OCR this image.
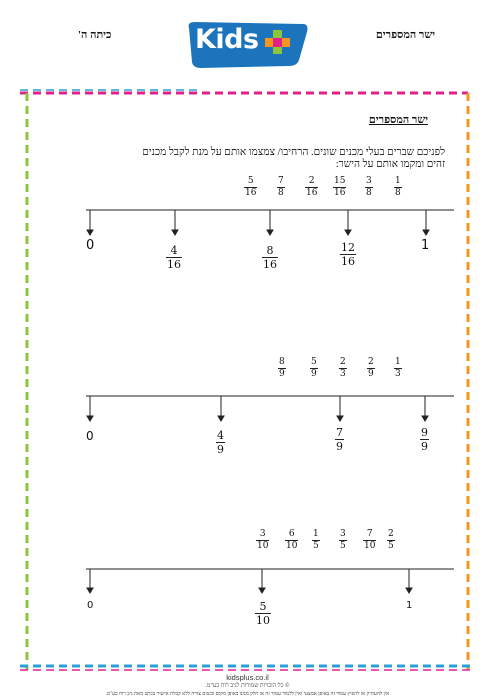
ישר המספרים
כיתה ה'	Kids
ניב רוח
ישר המספרים
לפניכם שברים בעלי מכנים שונים. הרחיבו/ צמצמו אותם על מנת לקבל מכנים
זהים ומקמו אותם על הישר:
$\frac{5}{16} \frac{7}{8} \frac{2}{16} \frac{15}{16} \frac{3}{8} \frac{1}{8}$
0	1
$\frac{4}{16}$	$\frac{8}{16}$	$\frac{12}{16}$
$\frac{8}{9}$	$\frac{5}{9} \frac{2}{3} \frac{2}{9} \frac{1}{3}$
0	$\frac{4}{9}$	$\frac{7}{9}$	$\frac{9}{9}$
$\frac{3}{10} \frac{6}{10} \frac{1}{5} \frac{3}{5} \frac{7}{10} \frac{2}{5}$
0	1
$\frac{5}{10}$
kidsplus.co.il
© כל הזכויות שמורות לניב רוח בע"מ.
אין להעתיק או להפיץ עמוד זה באופן אמצעי ואין ללמוד עמוד זה או חלק ממנו באופן מקום ובשום צורה ללא קבלת אישור בכתב מאת ניב רוח בע"מ.
